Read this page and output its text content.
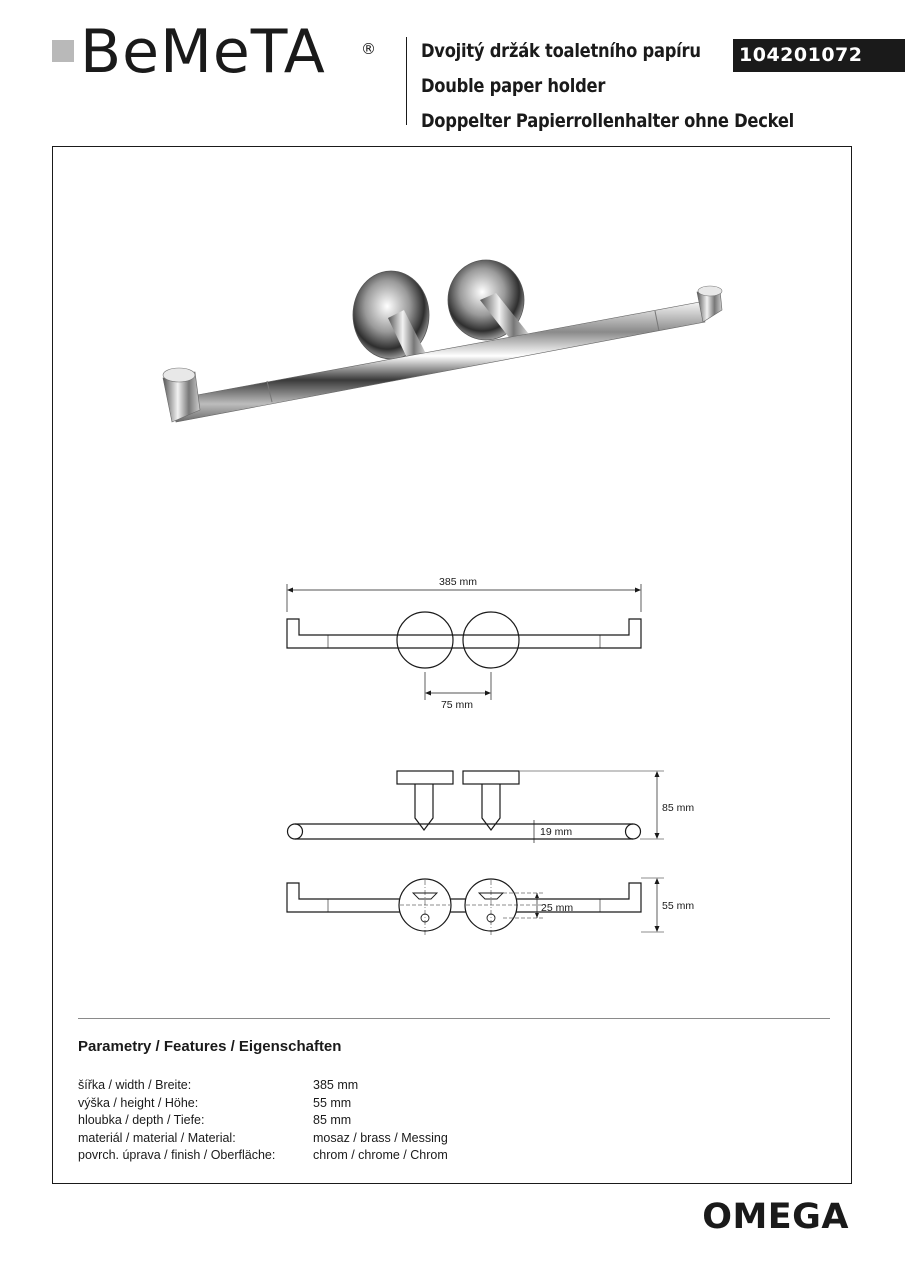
BeMeTA ® Dvojitý držák toaletního papíru
Double paper holder
Doppelter Papierrollenhalter ohne Deckel
104201072
385 mm
75 mm
85 mm
19 mm
25 mm	55 mm
Parametry / Features / Eigenschaften
šířka / width / Breite:	385 mm
výška / height / Höhe:	55 mm
hloubka / depth / Tiefe:	85 mm
materiál / material / Material:	mosaz / brass / Messing
povrch. úprava / finish / Oberfläche:	chrom / chrome / Chrom
OMEGA
